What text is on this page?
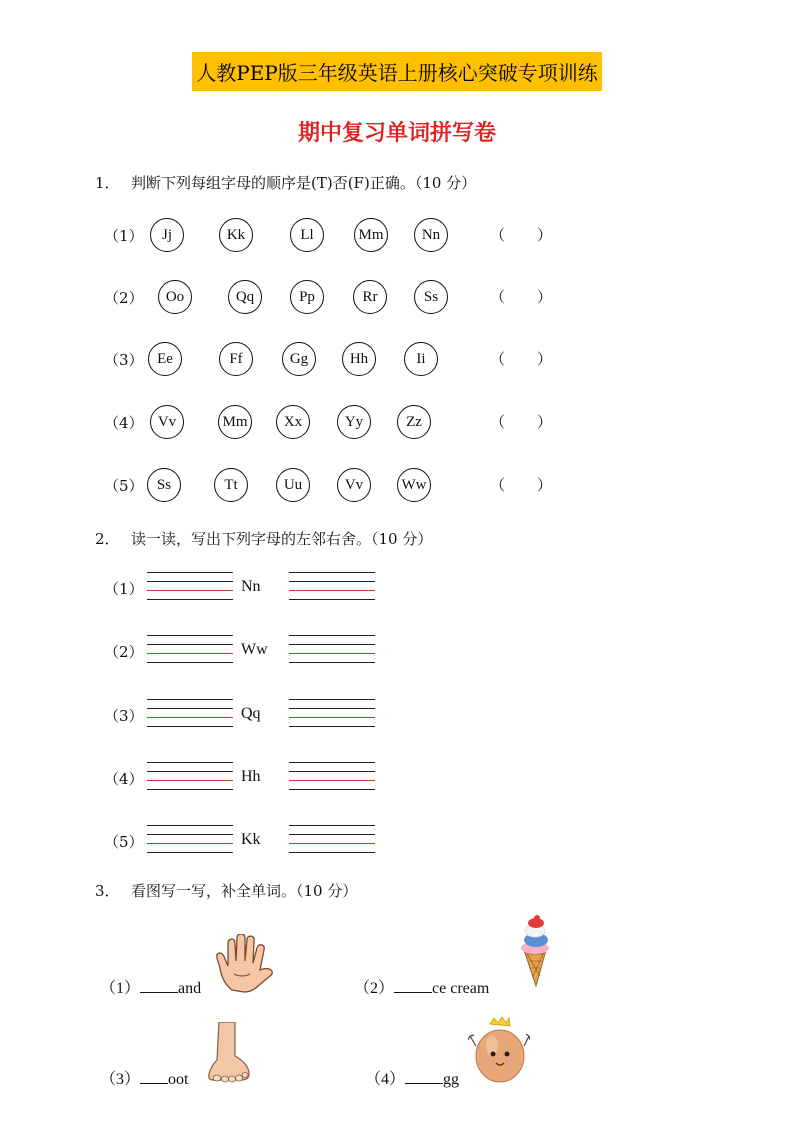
人教PEP版三年级英语上册核心突破专项训练
期中复习单词拼写卷
1． 判断下列每组字母的顺序是(T)否(F)正确。（10 分）
（1）	Jj	Kk	Ll	Mm	Nn	（ ）
（2）	Oo	Qq	Pp	Rr	Ss	（ ）
（3） Ee	Ff	Gg	Hh	Ii	（ ）
（4） Vv	Mm	Xx	Yy	Zz	（ ）
（5） Ss	Tt	Uu	Vv	Ww	（ ）
2． 读一读，写出下列字母的左邻右舍。（10 分）
（1）	Nn
（2）	Ww
（3）	Qq
（4）	Hh
（5）	Kk
3． 看图写一写，补全单词。（10 分）
（1） and	（2） ce cream
（3） oot	（4） gg
